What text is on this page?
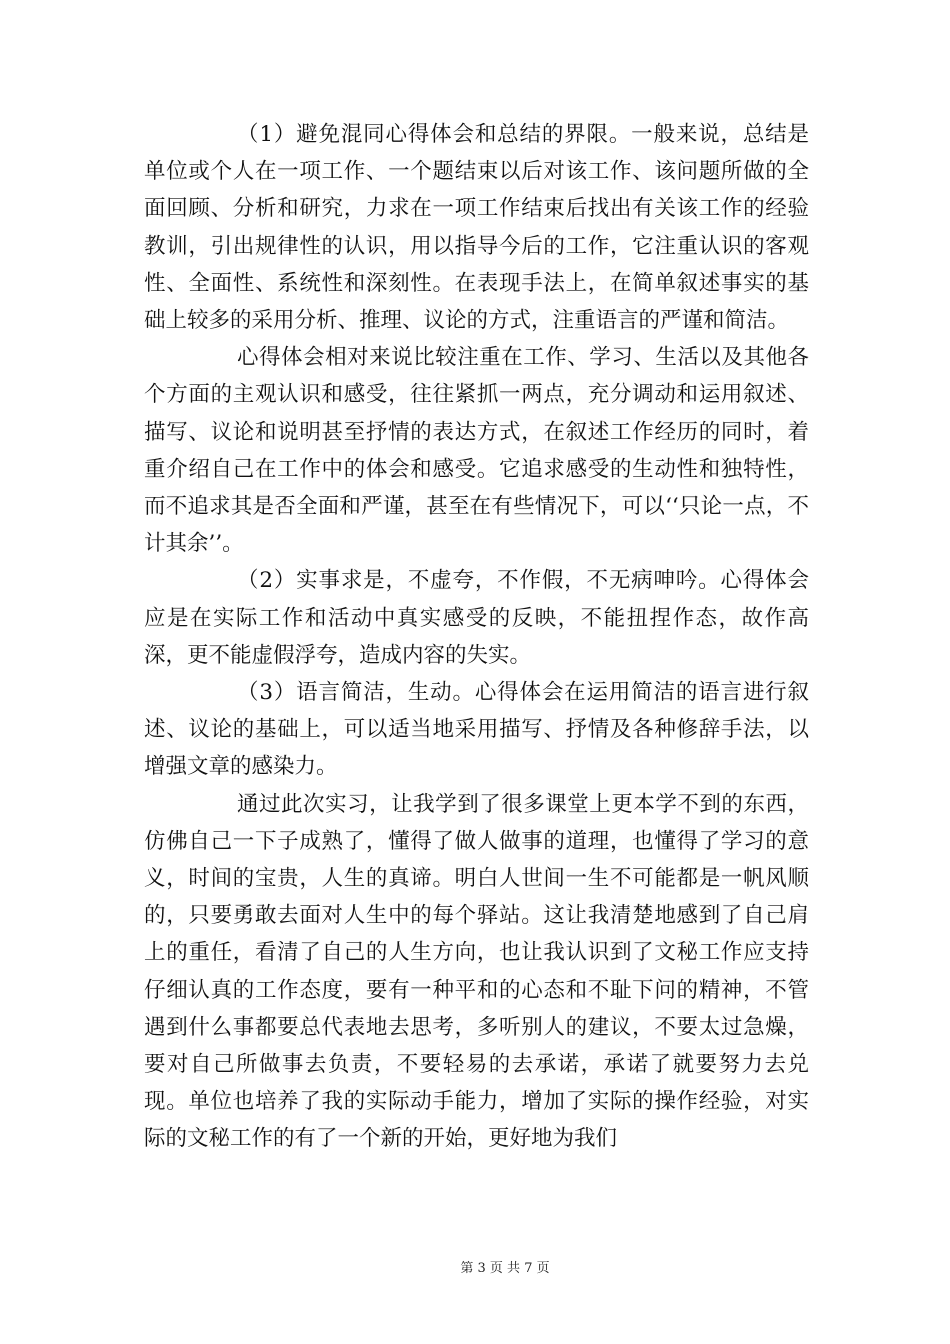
（1）避免混同心得体会和总结的界限。一般来说，总结是单位或个人在一项工作、一个题结束以后对该工作、该问题所做的全面回顾、分析和研究，力求在一项工作结束后找出有关该工作的经验教训，引出规律性的认识，用以指导今后的工作，它注重认识的客观性、全面性、系统性和深刻性。在表现手法上，在简单叙述事实的基础上较多的采用分析、推理、议论的方式，注重语言的严谨和简洁。

心得体会相对来说比较注重在工作、学习、生活以及其他各个方面的主观认识和感受，往往紧抓一两点，充分调动和运用叙述、描写、议论和说明甚至抒情的表达方式，在叙述工作经历的同时，着重介绍自己在工作中的体会和感受。它追求感受的生动性和独特性，而不追求其是否全面和严谨，甚至在有些情况下，可以‘‘只论一点，不计其余’’。

（2）实事求是，不虚夸，不作假，不无病呻吟。心得体会应是在实际工作和活动中真实感受的反映，不能扭捏作态，故作高深，更不能虚假浮夸，造成内容的失实。

（3）语言简洁，生动。心得体会在运用简洁的语言进行叙述、议论的基础上，可以适当地采用描写、抒情及各种修辞手法，以增强文章的感染力。

通过此次实习，让我学到了很多课堂上更本学不到的东西，仿佛自己一下子成熟了，懂得了做人做事的道理，也懂得了学习的意义，时间的宝贵，人生的真谛。明白人世间一生不可能都是一帆风顺的，只要勇敢去面对人生中的每个驿站。这让我清楚地感到了自己肩上的重任，看清了自己的人生方向，也让我认识到了文秘工作应支持仔细认真的工作态度，要有一种平和的心态和不耻下问的精神，不管遇到什么事都要总代表地去思考，多听别人的建议，不要太过急燥，要对自己所做事去负责，不要轻易的去承诺，承诺了就要努力去兑现。单位也培养了我的实际动手能力，增加了实际的操作经验，对实际的文秘工作的有了一个新的开始，更好地为我们

第 3 页 共 7 页
